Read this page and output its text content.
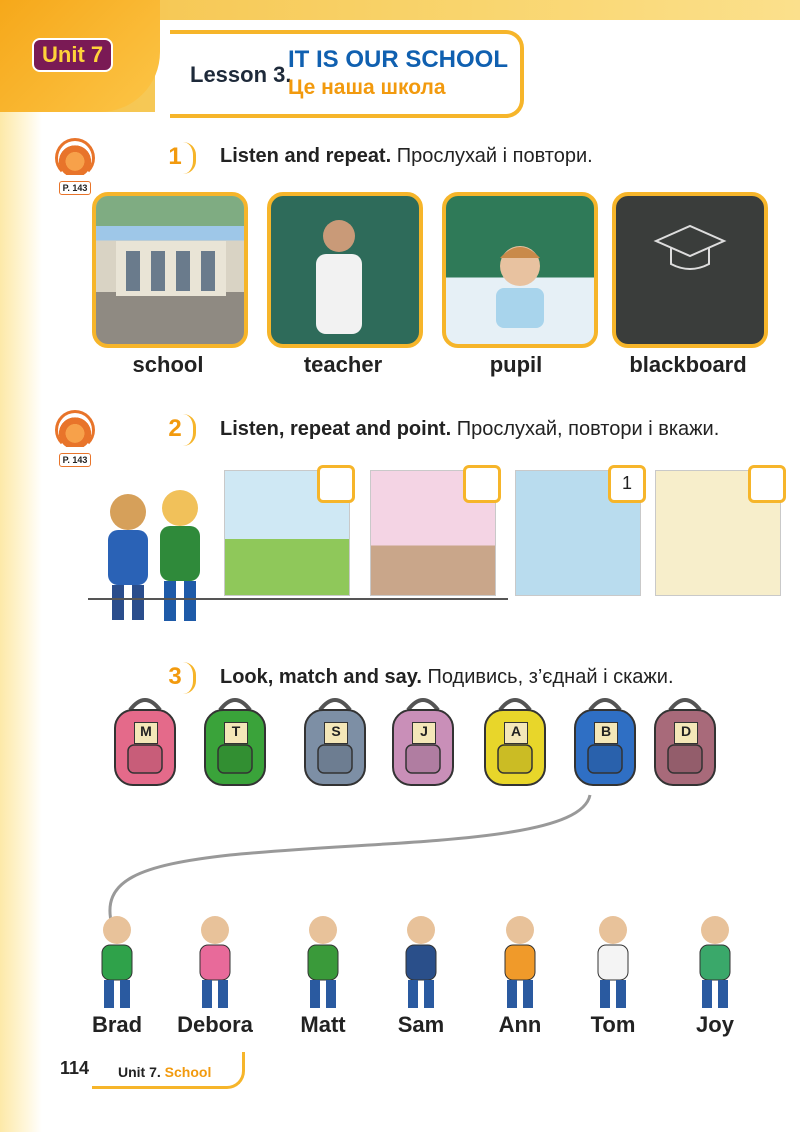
Unit 7
Lesson 3.
IT IS OUR SCHOOL
Це наша школа
P. 143
1	Listen and repeat. Прослухай і повтори.
school	teacher	pupil	blackboard
P. 143
2	Listen, repeat and point. Прослухай, повтори і вкажи.
1
3	Look, match and say. Подивись, з’єднай і скажи.
M	T	S	J	A	B	D
Brad	Debora	Matt	Sam	Ann	Tom	Joy
114 Unit 7. School
